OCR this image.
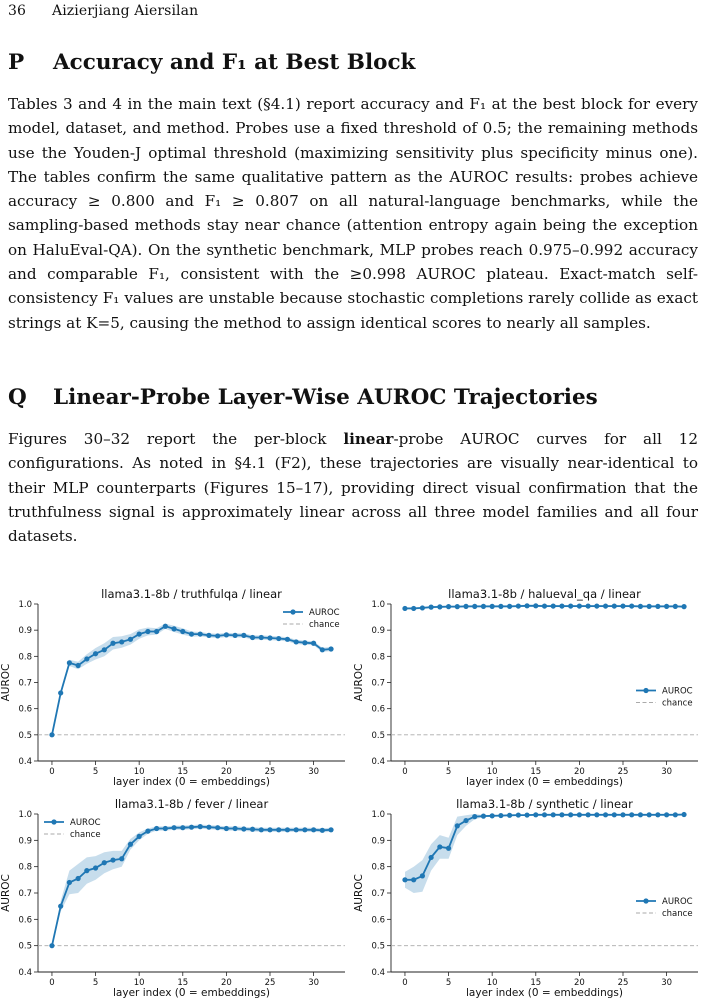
36 Aizierjiang Aiersilan
P Accuracy and F₁ at Best Block

Tables 3 and 4 in the main text (§4.1) report accuracy and F₁ at the best block for every model, dataset, and method. Probes use a fixed threshold of 0.5; the remaining methods use the Youden-J optimal threshold (maximizing sensitivity plus specificity minus one). The tables confirm the same qualitative pattern as the AUROC results: probes achieve accuracy ≥ 0.800 and F₁ ≥ 0.807 on all natural-language benchmarks, while the sampling-based methods stay near chance (attention entropy again being the exception on HaluEval-QA). On the synthetic benchmark, MLP probes reach 0.975–0.992 accuracy and comparable F₁, consistent with the ≥0.998 AUROC plateau. Exact-match self-consistency F₁ values are unstable because stochastic completions rarely collide as exact strings at K=5, causing the method to assign identical scores to nearly all samples.

Q Linear-Probe Layer-Wise AUROC Trajectories

Figures 30–32 report the per-block linear-probe AUROC curves for all 12 configurations. As noted in §4.1 (F2), these trajectories are visually near-identical to their MLP counterparts (Figures 15–17), providing direct visual confirmation that the truthfulness signal is approximately linear across all three model families and all four datasets.

llama3.1-8b / truthfulqa / linear
0.4
0.5
0.6
0.7
0.8
0.9
1.0
0	5	10	15	20	25	30
layer index (0 = embeddings)
AUROC
AUROC
chance
llama3.1-8b / halueval_qa / linear
0.4
0.5
0.6
0.7
0.8
0.9
1.0
0	5	10	15	20	25	30
layer index (0 = embeddings)
AUROC	AUROC
chance
llama3.1-8b / fever / linear
0.4
0.5
0.6
0.7
0.8
0.9
1.0
0	5	10	15	20	25	30
layer index (0 = embeddings)
AUROC
AUROC
chance
llama3.1-8b / synthetic / linear
0.4
0.5
0.6
0.7
0.8
0.9
1.0
0	5	10	15	20	25	30
layer index (0 = embeddings)
AUROC	AUROC
chance
